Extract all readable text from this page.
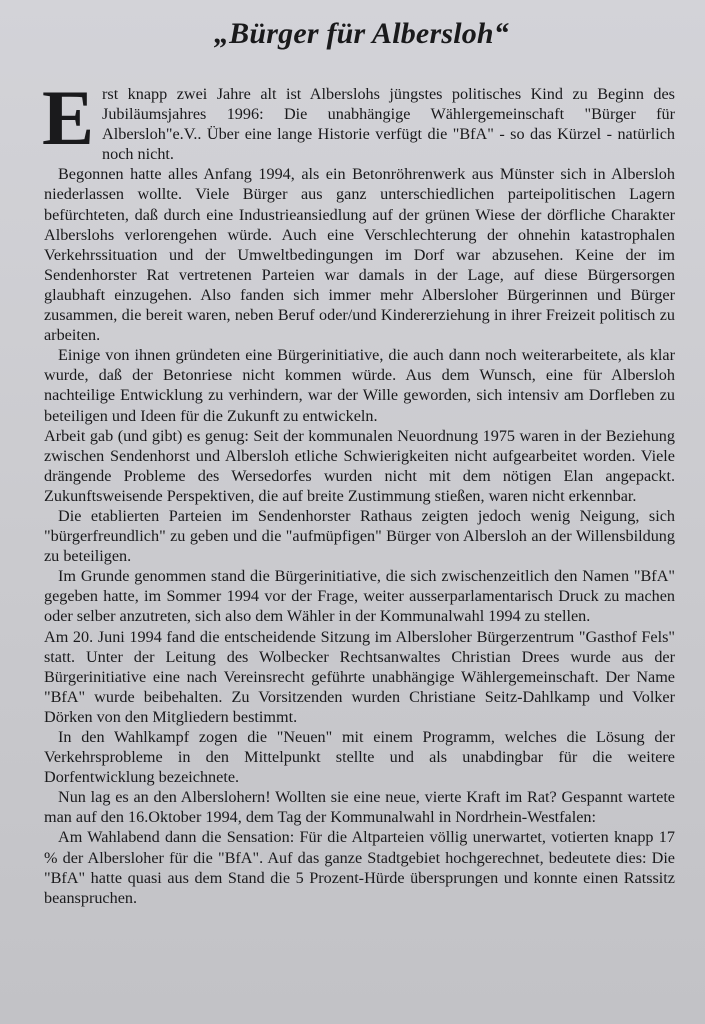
„Bürger für Albersloh“

Erst knapp zwei Jahre alt ist Alberslohs jüngstes politisches Kind zu Beginn des Jubiläumsjahres 1996: Die unabhängige Wählergemeinschaft "Bürger für Albersloh"e.V.. Über eine lange Historie verfügt die "BfA" - so das Kürzel - natürlich noch nicht.

Begonnen hatte alles Anfang 1994, als ein Betonröhrenwerk aus Münster sich in Albersloh niederlassen wollte. Viele Bürger aus ganz unterschiedlichen parteipolitischen Lagern befürchteten, daß durch eine Industrieansiedlung auf der grünen Wiese der dörfliche Charakter Alberslohs verlorengehen würde. Auch eine Verschlechterung der ohnehin katastrophalen Verkehrssituation und der Umweltbedingungen im Dorf war abzusehen. Keine der im Sendenhorster Rat vertretenen Parteien war damals in der Lage, auf diese Bürgersorgen glaubhaft einzugehen. Also fanden sich immer mehr Albersloher Bürgerinnen und Bürger zusammen, die bereit waren, neben Beruf oder/und Kindererziehung in ihrer Freizeit politisch zu arbeiten.

Einige von ihnen gründeten eine Bürgerinitiative, die auch dann noch weiterarbeitete, als klar wurde, daß der Betonriese nicht kommen würde. Aus dem Wunsch, eine für Albersloh nachteilige Entwicklung zu verhindern, war der Wille geworden, sich intensiv am Dorfleben zu beteiligen und Ideen für die Zukunft zu entwickeln.

Arbeit gab (und gibt) es genug: Seit der kommunalen Neuordnung 1975 waren in der Beziehung zwischen Sendenhorst und Albersloh etliche Schwierigkeiten nicht aufgearbeitet worden. Viele drängende Probleme des Wersedorfes wurden nicht mit dem nötigen Elan angepackt. Zukunftsweisende Perspektiven, die auf breite Zustimmung stießen, waren nicht erkennbar.

Die etablierten Parteien im Sendenhorster Rathaus zeigten jedoch wenig Neigung, sich "bürgerfreundlich" zu geben und die "aufmüpfigen" Bürger von Albersloh an der Willensbildung zu beteiligen.

Im Grunde genommen stand die Bürgerinitiative, die sich zwischenzeitlich den Namen "BfA" gegeben hatte, im Sommer 1994 vor der Frage, weiter ausserparlamentarisch Druck zu machen oder selber anzutreten, sich also dem Wähler in der Kommunalwahl 1994 zu stellen.

Am 20. Juni 1994 fand die entscheidende Sitzung im Albersloher Bürgerzentrum "Gasthof Fels" statt. Unter der Leitung des Wolbecker Rechtsanwaltes Christian Drees wurde aus der Bürgerinitiative eine nach Vereinsrecht geführte unabhängige Wählergemeinschaft. Der Name "BfA" wurde beibehalten. Zu Vorsitzenden wurden Christiane Seitz-Dahlkamp und Volker Dörken von den Mitgliedern bestimmt.

In den Wahlkampf zogen die "Neuen" mit einem Programm, welches die Lösung der Verkehrsprobleme in den Mittelpunkt stellte und als unabdingbar für die weitere Dorfentwicklung bezeichnete.

Nun lag es an den Alberslohern! Wollten sie eine neue, vierte Kraft im Rat? Gespannt wartete man auf den 16.Oktober 1994, dem Tag der Kommunalwahl in Nordrhein-Westfalen:

Am Wahlabend dann die Sensation: Für die Altparteien völlig unerwartet, votierten knapp 17 % der Albersloher für die "BfA". Auf das ganze Stadtgebiet hochgerechnet, bedeutete dies: Die "BfA" hatte quasi aus dem Stand die 5 Prozent-Hürde übersprungen und konnte einen Ratssitz beanspruchen.
